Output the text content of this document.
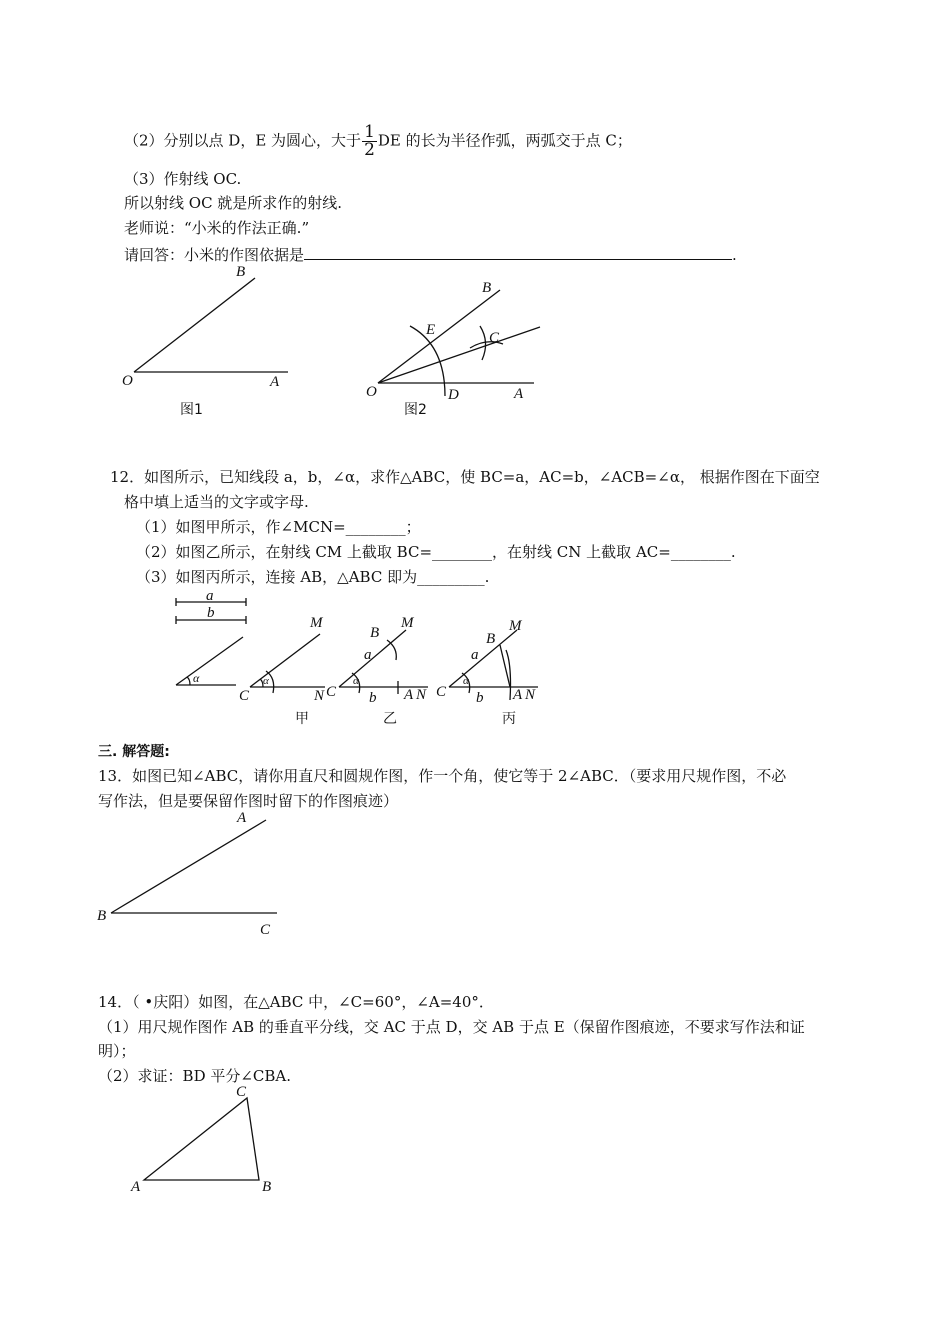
（2）分别以点 D，E 为圆心，大于 $\frac{1}{2}$ DE 的长为半径作弧，两弧交于点 C；
（3）作射线 OC.
所以射线 OC 就是所求作的射线.
老师说：“小米的作法正确.”
请回答：小米的作图依据是	.
12．如图所示，已知线段 a，b，∠α，求作△ABC，使 BC=a，AC=b，∠ACB=∠α， 根据作图在下面空
格中填上适当的文字或字母.
（1）如图甲所示，作∠MCN=________；
（2）如图乙所示，在射线 CM 上截取 BC=________，在射线 CN 上截取 AC=________.
（3）如图丙所示，连接 AB，△ABC 即为_________.
三. 解答题:
13．如图已知∠ABC，请你用直尺和圆规作图，作一个角，使它等于 2∠ABC．（要求用尺规作图，不必
写作法，但是要保留作图时留下的作图痕迹）
14．（ •庆阳）如图，在△ABC 中，∠C=60°，∠A=40°．
（1）用尺规作图作 AB 的垂直平分线，交 AC 于点 D，交 AB 于点 E（保留作图痕迹，不要求写作法和证
明）；
（2）求证：BD 平分∠CBA.
O	A
B
图1
O	A
B
C
D
E
图2
a
b
α
M
C	N
α
甲
B
M
a
C b A N
α
乙
B
M
a
C b A N
α
丙
A
B
C
C
A	B
